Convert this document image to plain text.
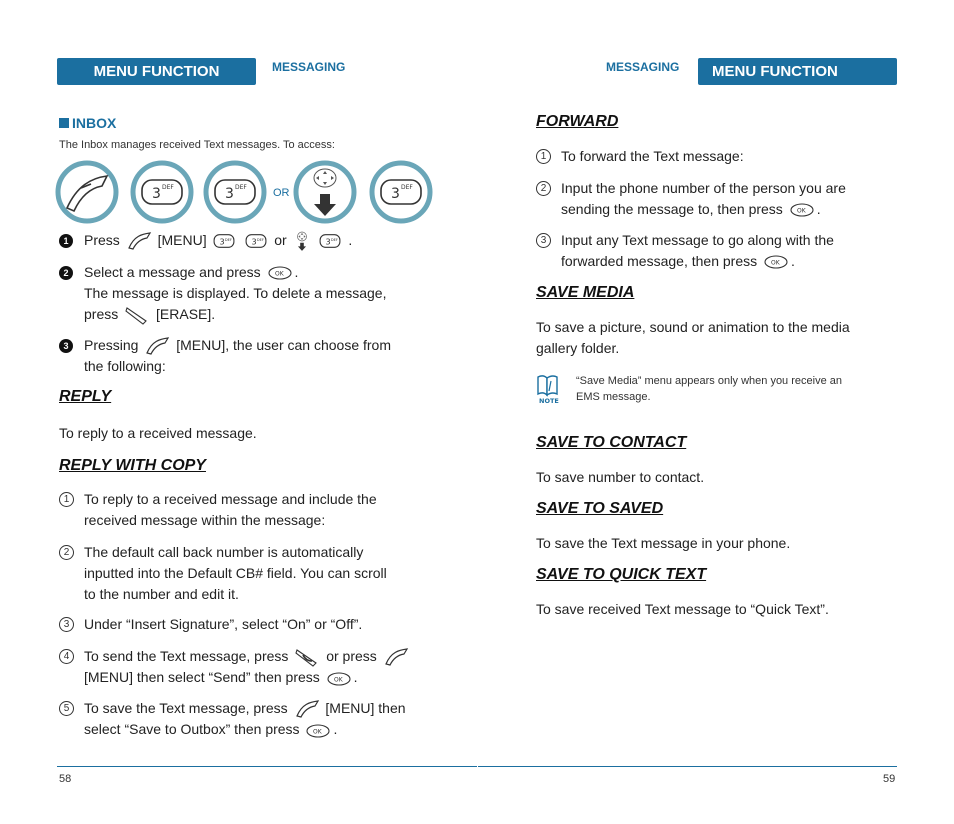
MENU FUNCTION	MESSAGING
INBOX
The Inbox manages received Text messages. To access:
3 DEF	3 DEF OR	3 DEF
1	Press	[MENU]	or	.
2	Select a message and press .
The message is displayed. To delete a message,
press	[ERASE].
3	Pressing	[MENU], the user can choose from
the following:
REPLY
To reply to a received message.
REPLY WITH COPY
1	To reply to a received message and include the
received message within the message:
2	The default call back number is automatically
inputted into the Default CB# field. You can scroll
to the number and edit it.
3	Under “Insert Signature”, select “On” or “Off”.
4	To send the Text message, press	or press
[MENU] then select “Send” then press .
5	To save the Text message, press	[MENU] then
select “Save to Outbox” then press .
58
MESSAGING	MENU FUNCTION
FORWARD
1	To forward the Text message:
2	Input the phone number of the person you are
sending the message to, then press .
3	Input any Text message to go along with the
forwarded message, then press .
SAVE MEDIA
To save a picture, sound or animation to the media
gallery folder.
NOTE
“Save Media” menu appears only when you receive an
EMS message.
SAVE TO CONTACT
To save number to contact.
SAVE TO SAVED
To save the Text message in your phone.
SAVE TO QUICK TEXT
To save received Text message to “Quick Text”.
59
